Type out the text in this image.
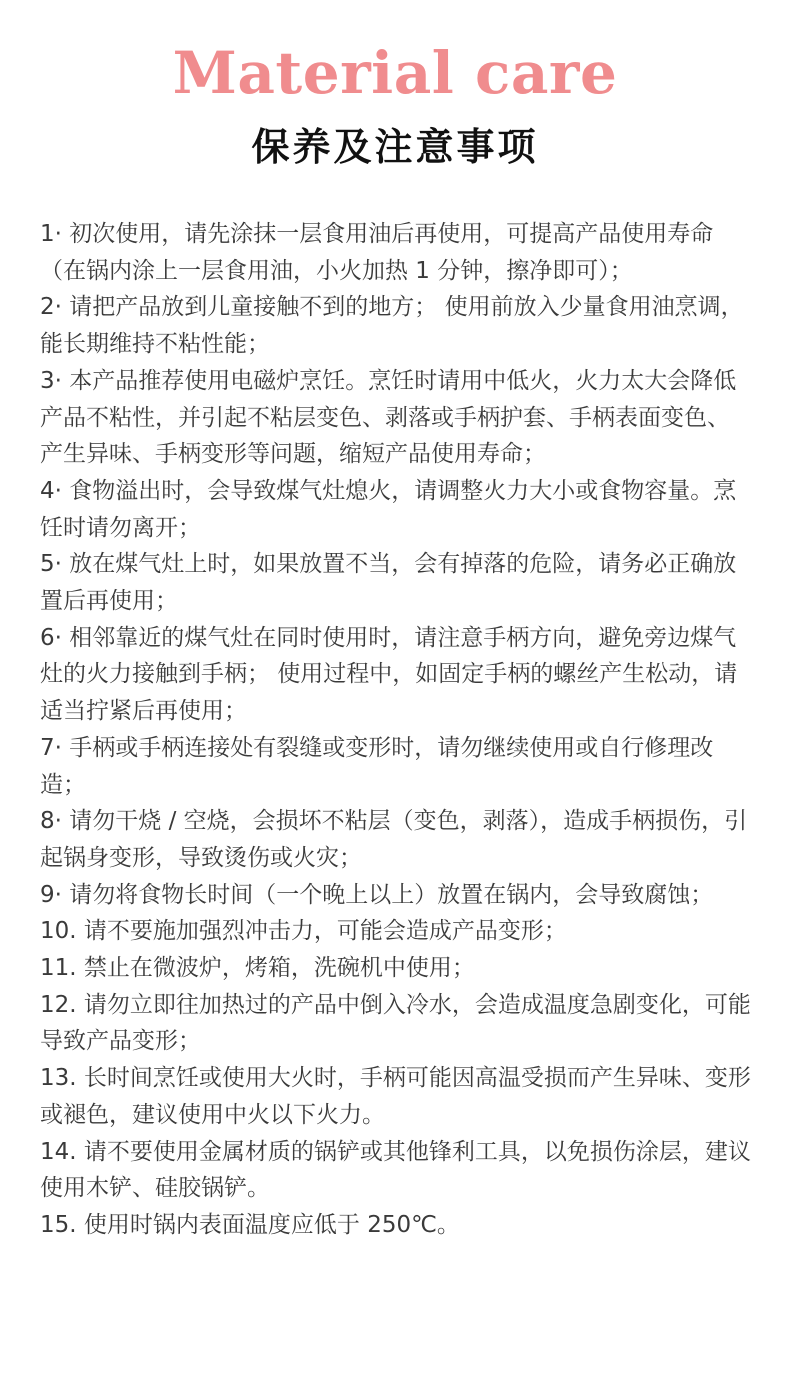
Material care
保养及注意事项
1· 初次使用，请先涂抹一层食用油后再使用，可提高产品使用寿命（在锅内涂上一层食用油，小火加热 1 分钟，擦净即可）；
2· 请把产品放到儿童接触不到的地方； 使用前放入少量食用油烹调，能长期维持不粘性能；
3· 本产品推荐使用电磁炉烹饪。烹饪时请用中低火，火力太大会降低产品不粘性，并引起不粘层变色、剥落或手柄护套、手柄表面变色、产生异味、手柄变形等问题，缩短产品使用寿命；
4· 食物溢出时，会导致煤气灶熄火，请调整火力大小或食物容量。烹饪时请勿离开；
5· 放在煤气灶上时，如果放置不当，会有掉落的危险，请务必正确放置后再使用；
6· 相邻靠近的煤气灶在同时使用时，请注意手柄方向，避免旁边煤气灶的火力接触到手柄； 使用过程中，如固定手柄的螺丝产生松动，请适当拧紧后再使用；
7· 手柄或手柄连接处有裂缝或变形时，请勿继续使用或自行修理改造；
8· 请勿干烧 / 空烧，会损坏不粘层（变色，剥落），造成手柄损伤，引起锅身变形，导致烫伤或火灾；
9· 请勿将食物长时间（一个晚上以上）放置在锅内，会导致腐蚀；
10. 请不要施加强烈冲击力，可能会造成产品变形；
11. 禁止在微波炉，烤箱，洗碗机中使用；
12. 请勿立即往加热过的产品中倒入冷水，会造成温度急剧变化，可能导致产品变形；
13. 长时间烹饪或使用大火时，手柄可能因高温受损而产生异味、变形或褪色，建议使用中火以下火力。
14. 请不要使用金属材质的锅铲或其他锋利工具，以免损伤涂层，建议使用木铲、硅胶锅铲。
15. 使用时锅内表面温度应低于 250℃。
